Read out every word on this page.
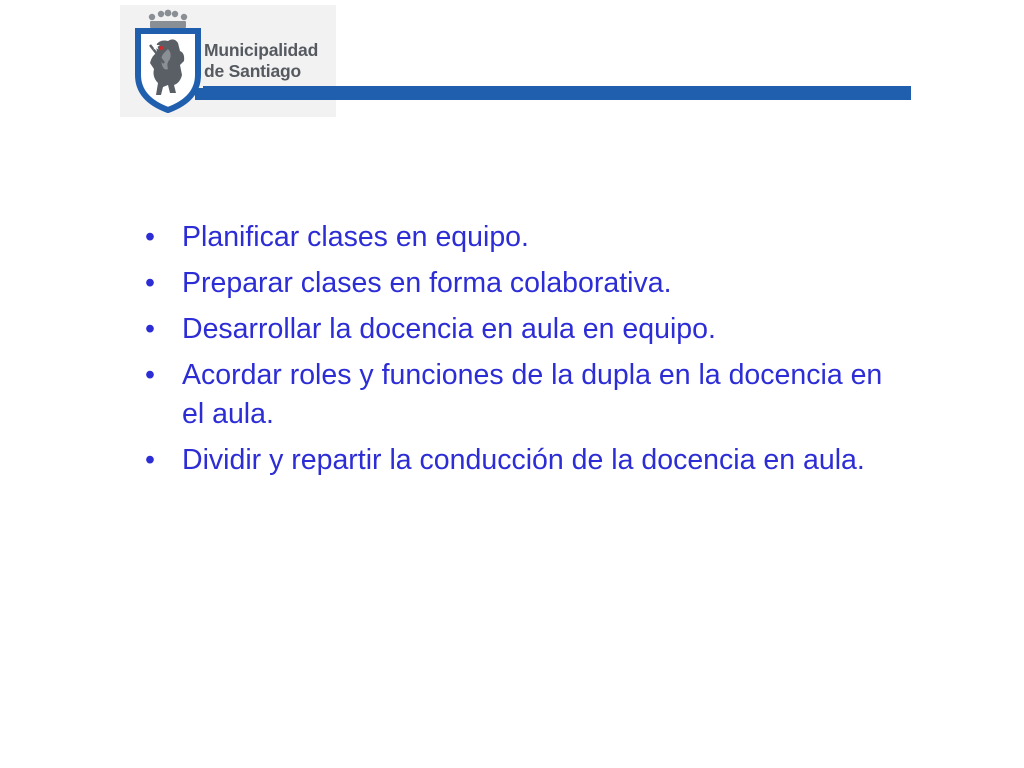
Municipalidad
de Santiago
• Planificar clases en equipo.
• Preparar clases en forma colaborativa.
• Desarrollar la docencia en aula en equipo.
• Acordar roles y funciones de la dupla en la docencia en el aula.
• Dividir y repartir la conducción de la docencia en aula.
